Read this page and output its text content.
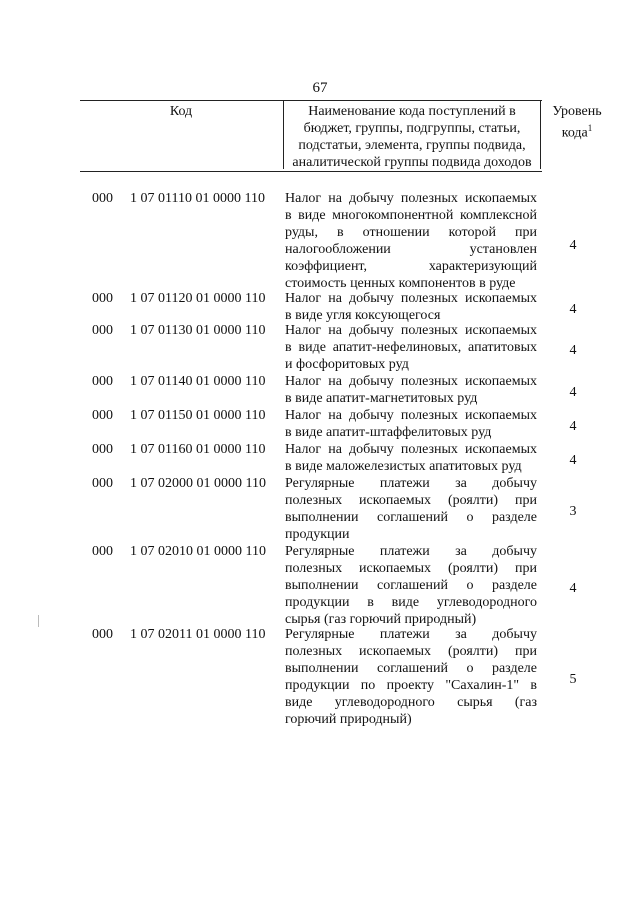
67
Код	Наименование кода поступлений в
бюджет, группы, подгруппы, статьи,
подстатьи, элемента, группы подвида,
аналитической группы подвида доходов
Уровень
кода$^1$
000 1 07 01110 01 0000 110 Налог на добычу полезных ископаемых
в виде многокомпонентной комплексной
руды, в отношении которой при
налогообложении установлен
коэффициент, характеризующий
стоимость ценных компонентов в руде
4
000 1 07 01120 01 0000 110 Налог на добычу полезных ископаемых
в виде угля коксующегося	4
000 1 07 01130 01 0000 110 Налог на добычу полезных ископаемых
в виде апатит-нефелиновых, апатитовых
и фосфоритовых руд
4
000 1 07 01140 01 0000 110 Налог на добычу полезных ископаемых
в виде апатит-магнетитовых руд	4
000 1 07 01150 01 0000 110 Налог на добычу полезных ископаемых
в виде апатит-штаффелитовых руд	4
000 1 07 01160 01 0000 110 Налог на добычу полезных ископаемых
в виде маложелезистых апатитовых руд	4
000 1 07 02000 01 0000 110 Регулярные платежи за добычу
полезных ископаемых (роялти) при
выполнении соглашений о разделе
продукции
3
000 1 07 02010 01 0000 110 Регулярные платежи за добычу
полезных ископаемых (роялти) при
выполнении соглашений о разделе
продукции в виде углеводородного
сырья (газ горючий природный)
4
000 1 07 02011 01 0000 110 Регулярные платежи за добычу
полезных ископаемых (роялти) при
выполнении соглашений о разделе
продукции по проекту "Сахалин-1" в
виде углеводородного сырья (газ
горючий природный)
5
